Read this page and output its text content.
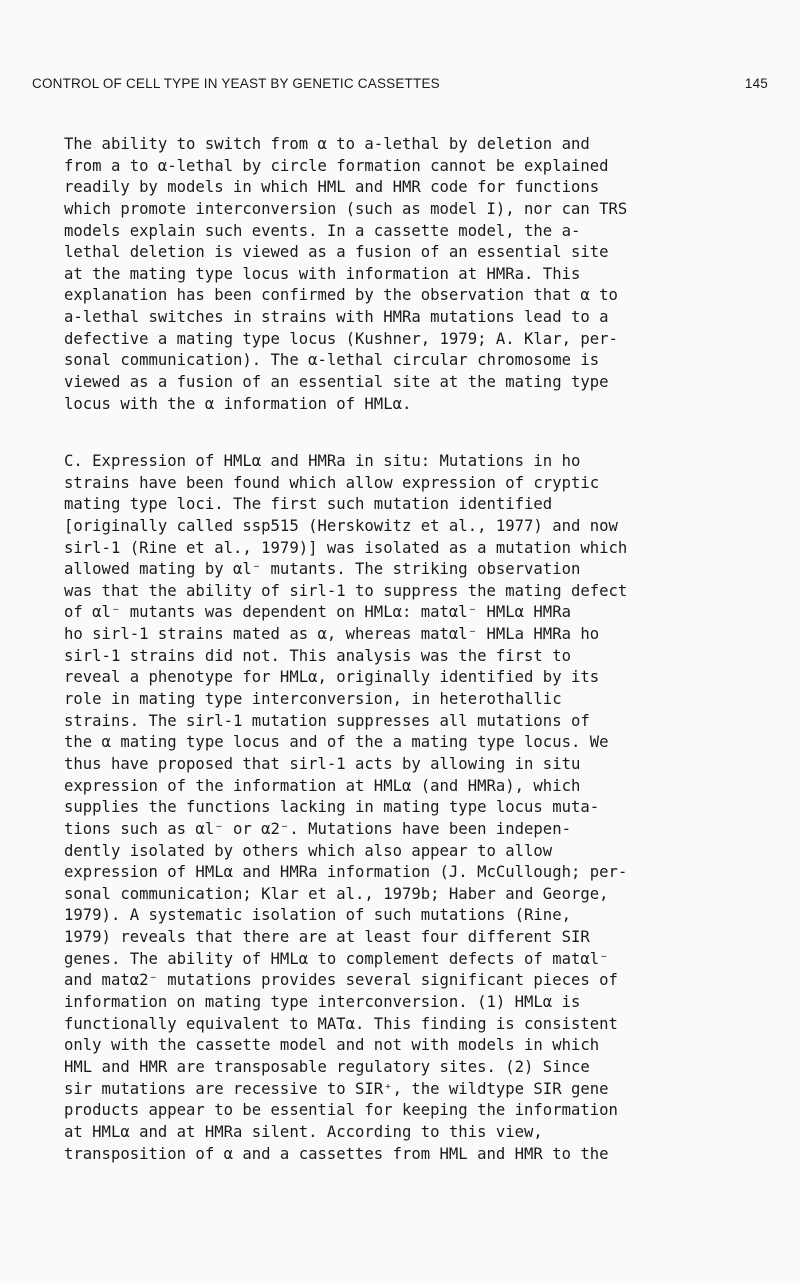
CONTROL OF CELL TYPE IN YEAST BY GENETIC CASSETTES	145
The ability to switch from α to a-lethal by deletion and
from a to α-lethal by circle formation cannot be explained
readily by models in which HML and HMR code for functions
which promote interconversion (such as model I), nor can TRS
models explain such events. In a cassette model, the a-
lethal deletion is viewed as a fusion of an essential site
at the mating type locus with information at HMRa. This
explanation has been confirmed by the observation that α to
a-lethal switches in strains with HMRa mutations lead to a
defective a mating type locus (Kushner, 1979; A. Klar, per-
sonal communication). The α-lethal circular chromosome is
viewed as a fusion of an essential site at the mating type
locus with the α information of HMLα.
C. Expression of HMLα and HMRa in situ: Mutations in ho
strains have been found which allow expression of cryptic
mating type loci. The first such mutation identified
[originally called ssp515 (Herskowitz et al., 1977) and now
sirl-1 (Rine et al., 1979)] was isolated as a mutation which
allowed mating by αl⁻ mutants. The striking observation
was that the ability of sirl-1 to suppress the mating defect
of αl⁻ mutants was dependent on HMLα: matαl⁻ HMLα HMRa
ho sirl-1 strains mated as α, whereas matαl⁻ HMLa HMRa ho
sirl-1 strains did not. This analysis was the first to
reveal a phenotype for HMLα, originally identified by its
role in mating type interconversion, in heterothallic
strains. The sirl-1 mutation suppresses all mutations of
the α mating type locus and of the a mating type locus. We
thus have proposed that sirl-1 acts by allowing in situ
expression of the information at HMLα (and HMRa), which
supplies the functions lacking in mating type locus muta-
tions such as αl⁻ or α2⁻. Mutations have been indepen-
dently isolated by others which also appear to allow
expression of HMLα and HMRa information (J. McCullough; per-
sonal communication; Klar et al., 1979b; Haber and George,
1979). A systematic isolation of such mutations (Rine,
1979) reveals that there are at least four different SIR
genes. The ability of HMLα to complement defects of matαl⁻
and matα2⁻ mutations provides several significant pieces of
information on mating type interconversion. (1) HMLα is
functionally equivalent to MATα. This finding is consistent
only with the cassette model and not with models in which
HML and HMR are transposable regulatory sites. (2) Since
sir mutations are recessive to SIR⁺, the wildtype SIR gene
products appear to be essential for keeping the information
at HMLα and at HMRa silent. According to this view,
transposition of α and a cassettes from HML and HMR to the
